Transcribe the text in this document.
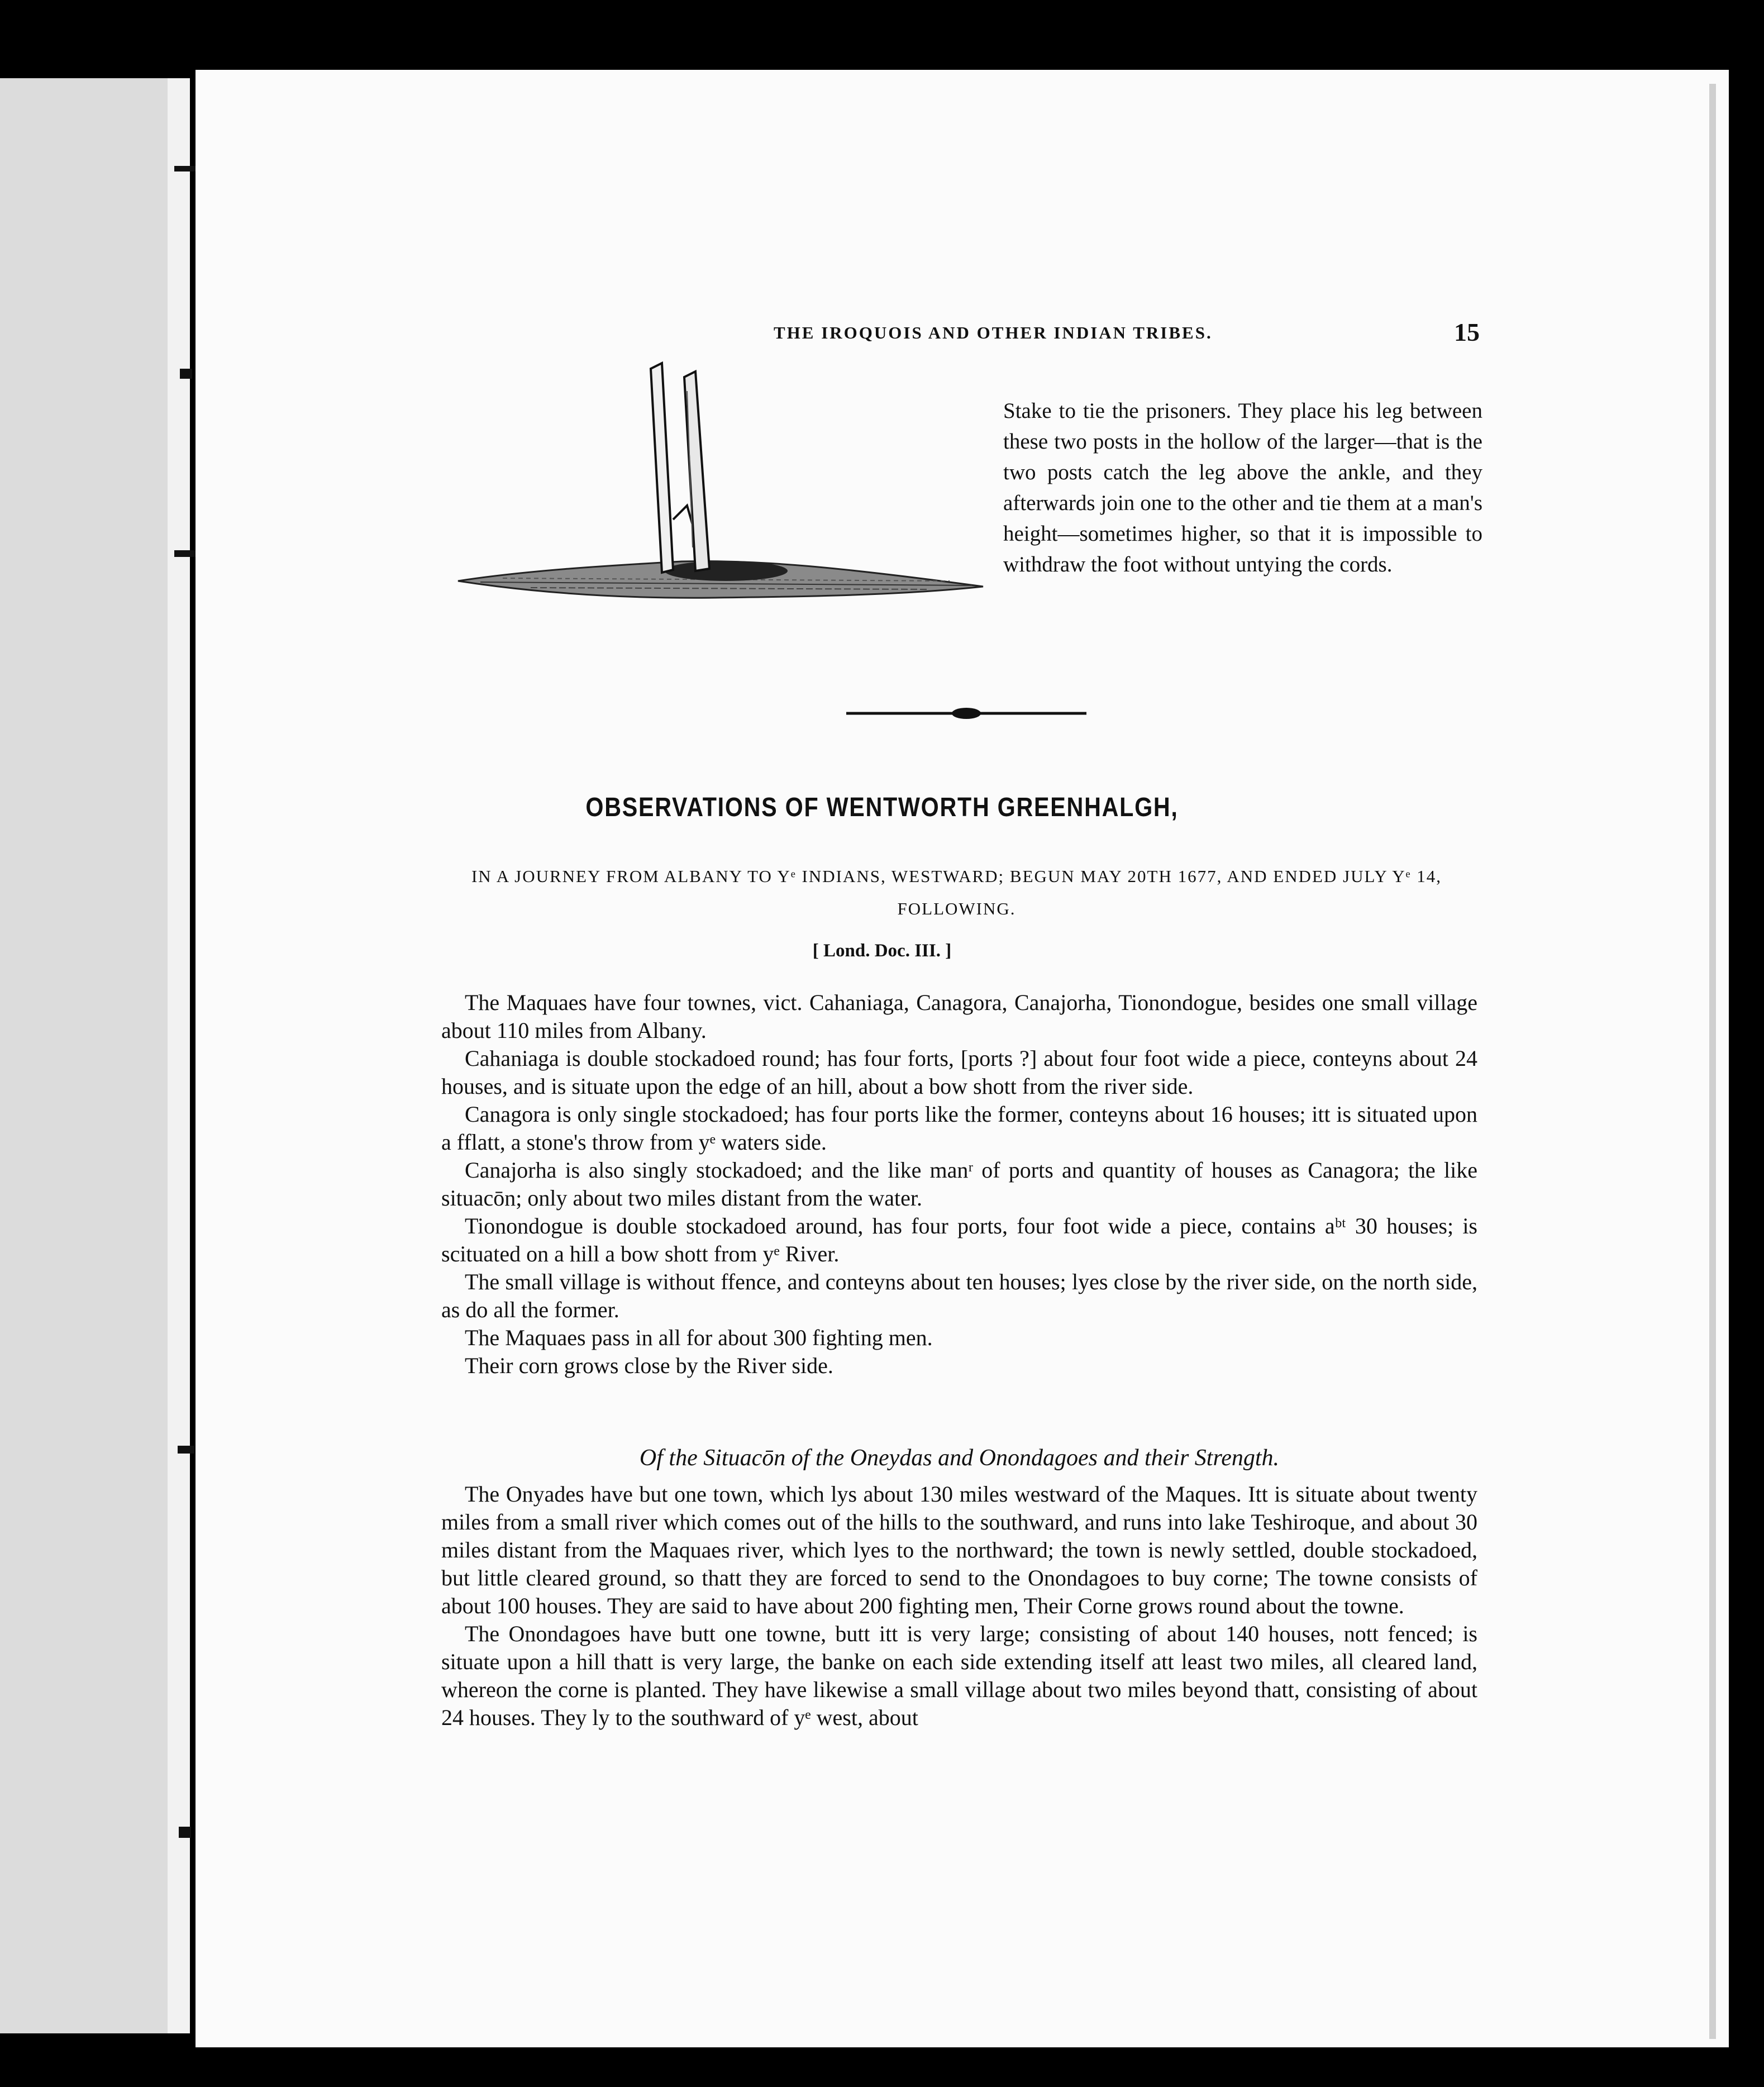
THE IROQUOIS AND OTHER INDIAN TRIBES.	15
Stake to tie the prisoners. They place his leg between these two posts in the hollow of the larger—that is the two posts catch the leg above the ankle, and they afterwards join one to the other and tie them at a man's height—sometimes higher, so that it is impossible to withdraw the foot without untying the cords.
OBSERVATIONS OF WENTWORTH GREENHALGH,
IN A JOURNEY FROM ALBANY TO Yᵉ INDIANS, WESTWARD; BEGUN MAY 20TH 1677, AND ENDED JULY Yᵉ 14, FOLLOWING.
[ Lond. Doc. III. ]

The Maquaes have four townes, vict. Cahaniaga, Canagora, Canajorha, Tionondogue, besides one small village about 110 miles from Albany.

Cahaniaga is double stockadoed round; has four forts, [ports ?] about four foot wide a piece, conteyns about 24 houses, and is situate upon the edge of an hill, about a bow shott from the river side.

Canagora is only single stockadoed; has four ports like the former, conteyns about 16 houses; itt is situated upon a fflatt, a stone's throw from yᵉ waters side.

Canajorha is also singly stockadoed; and the like manʳ of ports and quantity of houses as Canagora; the like situacōn; only about two miles distant from the water.

Tionondogue is double stockadoed around, has four ports, four foot wide a piece, contains aᵇᵗ 30 houses; is scituated on a hill a bow shott from yᵉ River.

The small village is without ffence, and conteyns about ten houses; lyes close by the river side, on the north side, as do all the former.

The Maquaes pass in all for about 300 fighting men.

Their corn grows close by the River side.

Of the Situacōn of the Oneydas and Onondagoes and their Strength.

The Onyades have but one town, which lys about 130 miles westward of the Maques. Itt is situate about twenty miles from a small river which comes out of the hills to the southward, and runs into lake Teshiroque, and about 30 miles distant from the Maquaes river, which lyes to the northward; the town is newly settled, double stockadoed, but little cleared ground, so thatt they are forced to send to the Onondagoes to buy corne; The towne consists of about 100 houses. They are said to have about 200 fighting men, Their Corne grows round about the towne.

The Onondagoes have butt one towne, butt itt is very large; consisting of about 140 houses, nott fenced; is situate upon a hill thatt is very large, the banke on each side extending itself att least two miles, all cleared land, whereon the corne is planted. They have likewise a small village about two miles beyond thatt, consisting of about 24 houses. They ly to the southward of yᵉ west, about
